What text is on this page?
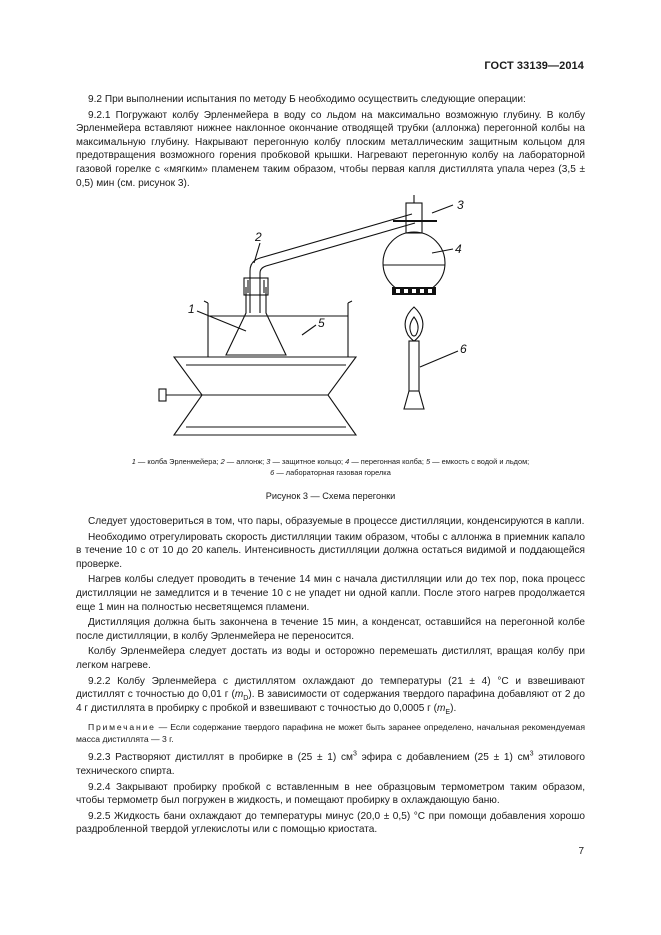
ГОСТ 33139—2014

9.2 При выполнении испытания по методу Б необходимо осуществить следующие операции:

9.2.1 Погружают колбу Эрленмейера в воду со льдом на максимально возможную глубину. В колбу Эрленмейера вставляют нижнее наклонное окончание отводящей трубки (аллонжа) перегонной колбы на максимальную глубину. Накрывают перегонную колбу плоским металлическим защитным кольцом для предотвращения возможного горения пробковой крышки. Нагревают перегонную колбу на лабораторной газовой горелке с «мягким» пламенем таким образом, чтобы первая капля дистиллята упала через (3,5 ± 0,5) мин (см. рисунок 3).

3
4
2
1
5
6
1 — колба Эрленмейера; 2 — аллонж; 3 — защитное кольцо; 4 — перегонная колба; 5 — емкость с водой и льдом;
6 — лабораторная газовая горелка
Рисунок 3 — Схема перегонки

Следует удостовериться в том, что пары, образуемые в процессе дистилляции, конденсируются в капли.

Необходимо отрегулировать скорость дистилляции таким образом, чтобы с аллонжа в приемник капало в течение 10 с от 10 до 20 капель. Интенсивность дистилляции должна остаться видимой и поддающейся проверке.

Нагрев колбы следует проводить в течение 14 мин с начала дистилляции или до тех пор, пока процесс дистилляции не замедлится и в течение 10 с не упадет ни одной капли. После этого нагрев продолжается еще 1 мин на полностью несветящемся пламени.

Дистилляция должна быть закончена в течение 15 мин, а конденсат, оставшийся на перегонной колбе после дистилляции, в колбу Эрленмейера не переносится.

Колбу Эрленмейера следует достать из воды и осторожно перемешать дистиллят, вращая колбу при легком нагреве.

9.2.2 Колбу Эрленмейера с дистиллятом охлаждают до температуры (21 ± 4) °С и взвешивают дистиллят с точностью до 0,01 г $(m_D)$. В зависимости от содержания твердого парафина добавляют от 2 до 4 г дистиллята в пробирку с пробкой и взвешивают с точностью до 0,0005 г $(m_E)$.

Примечание — Если содержание твердого парафина не может быть заранее определено, начальная рекомендуемая масса дистиллята — 3 г.

9.2.3 Растворяют дистиллят в пробирке в (25 ± 1) $см^3$ эфира с добавлением (25 ± 1) $см^3$ этилового технического спирта.

9.2.4 Закрывают пробирку пробкой с вставленным в нее образцовым термометром таким образом, чтобы термометр был погружен в жидкость, и помещают пробирку в охлаждающую баню.

9.2.5 Жидкость бани охлаждают до температуры минус (20,0 ± 0,5) °С при помощи добавления хорошо раздробленной твердой углекислоты или с помощью криостата.

7
